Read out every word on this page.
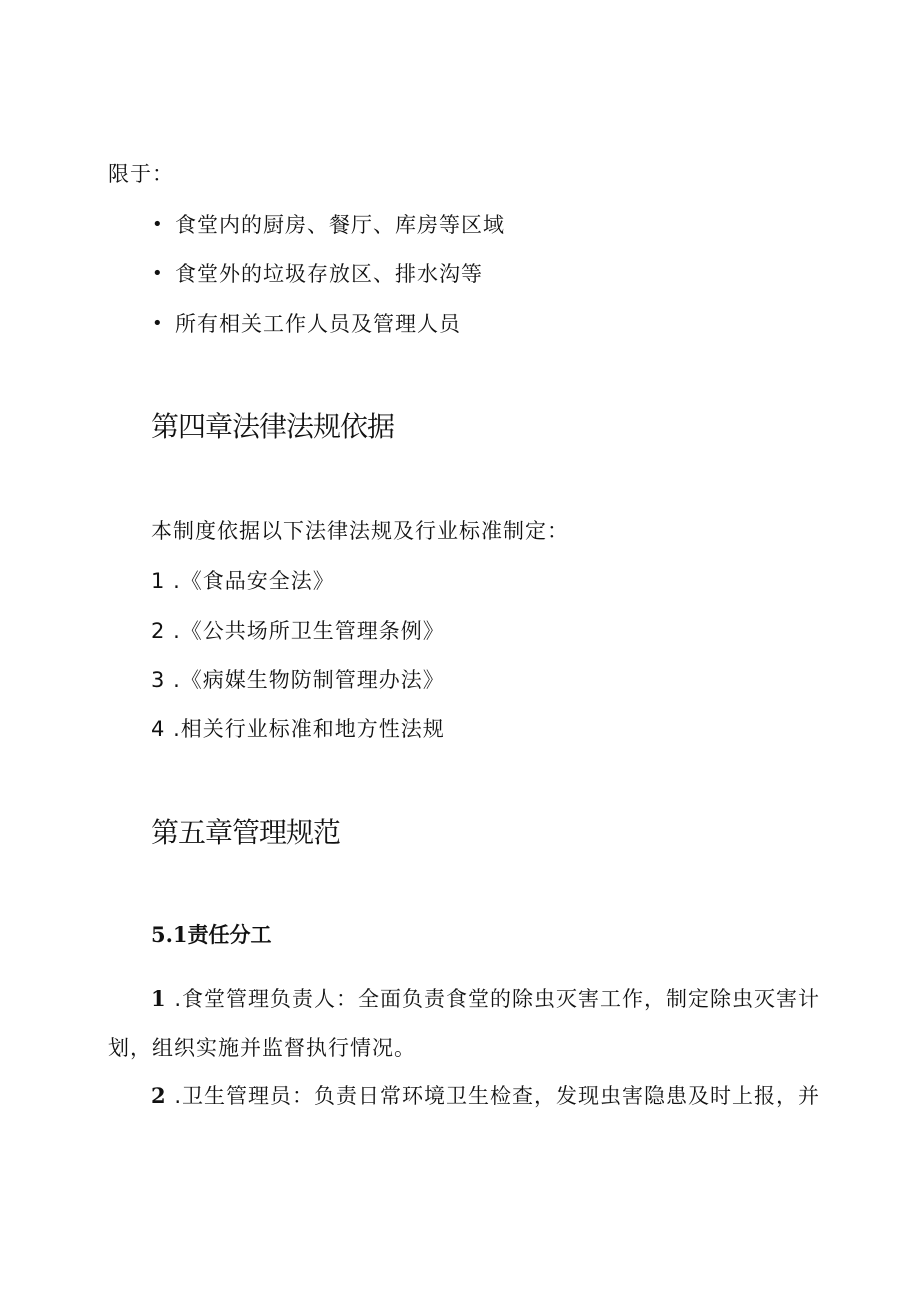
限于：
• 食堂内的厨房、餐厅、库房等区域
• 食堂外的垃圾存放区、排水沟等
• 所有相关工作人员及管理人员
第四章法律法规依据
本制度依据以下法律法规及行业标准制定：
1 .《食品安全法》
2 .《公共场所卫生管理条例》
3 .《病媒生物防制管理办法》
4 .相关行业标准和地方性法规
第五章管理规范
5.1责任分工
1 .食堂管理负责人：全面负责食堂的除虫灭害工作，制定除虫灭害计
划，组织实施并监督执行情况。
2 .卫生管理员：负责日常环境卫生检查，发现虫害隐患及时上报，并
